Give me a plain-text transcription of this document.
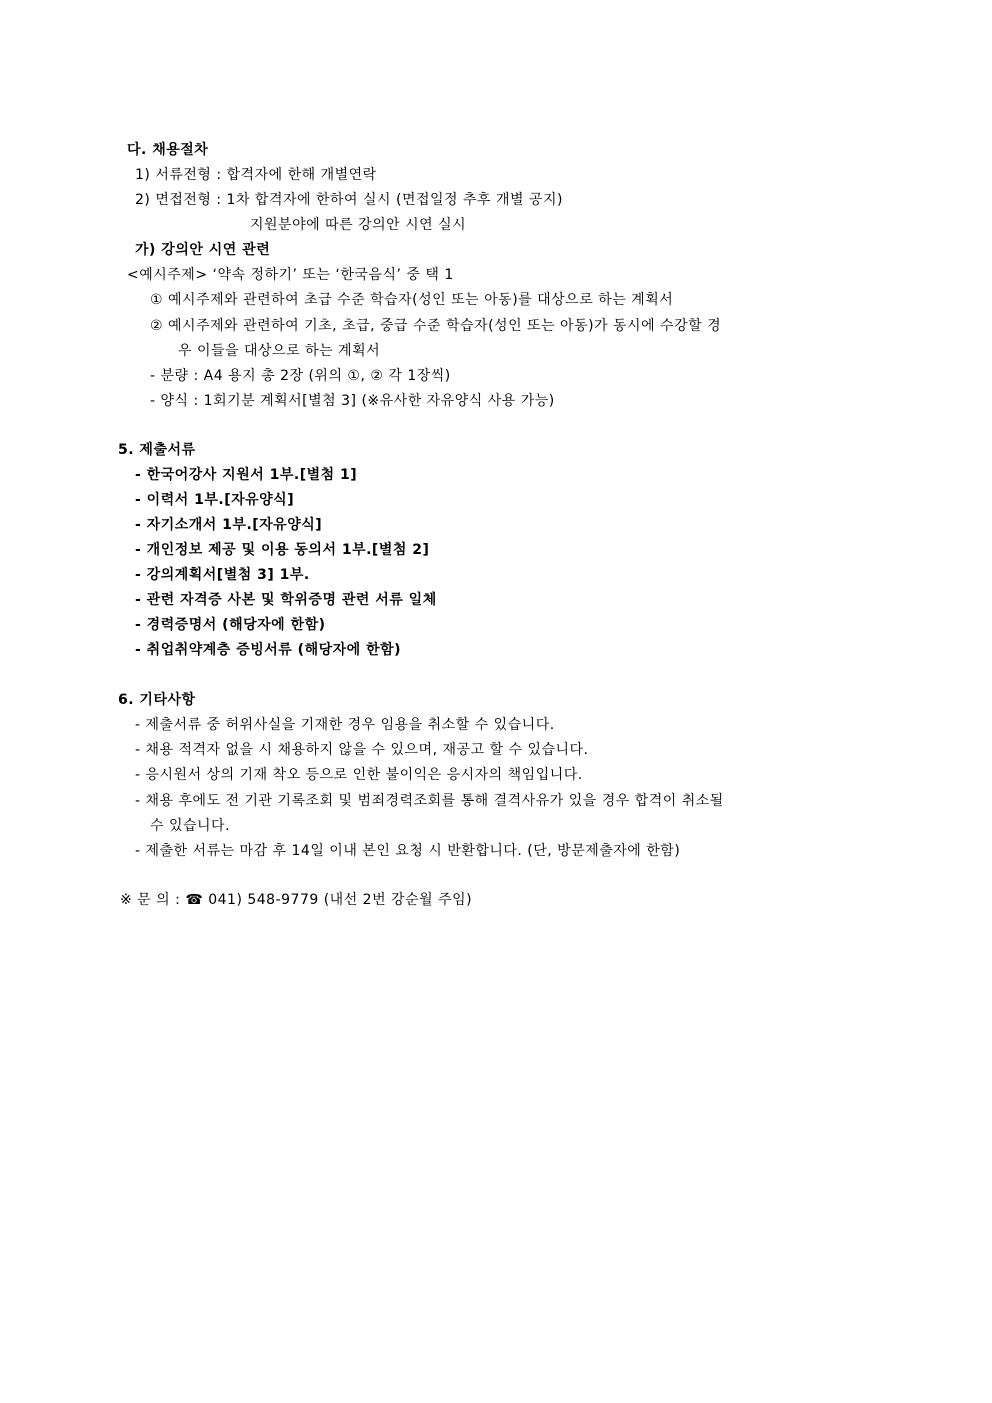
다. 채용절차
1) 서류전형 : 합격자에 한해 개별연락
2) 면접전형 : 1차 합격자에 한하여 실시 (면접일정 추후 개별 공지)
지원분야에 따른 강의안 시연 실시
가) 강의안 시연 관련
<예시주제> ‘약속 정하기’ 또는 ‘한국음식’ 중 택 1
① 예시주제와 관련하여 초급 수준 학습자(성인 또는 아동)를 대상으로 하는 계획서
② 예시주제와 관련하여 기초, 초급, 중급 수준 학습자(성인 또는 아동)가 동시에 수강할 경
우 이들을 대상으로 하는 계획서
- 분량 : A4 용지 총 2장 (위의 ①, ② 각 1장씩)
- 양식 : 1회기분 계획서[별첨 3] (※유사한 자유양식 사용 가능)
5. 제출서류
- 한국어강사 지원서 1부.[별첨 1]
- 이력서 1부.[자유양식]
- 자기소개서 1부.[자유양식]
- 개인정보 제공 및 이용 동의서 1부.[별첨 2]
- 강의계획서[별첨 3] 1부.
- 관련 자격증 사본 및 학위증명 관련 서류 일체
- 경력증명서 (해당자에 한함)
- 취업취약계층 증빙서류 (해당자에 한함)
6. 기타사항
- 제출서류 중 허위사실을 기재한 경우 임용을 취소할 수 있습니다.
- 채용 적격자 없을 시 채용하지 않을 수 있으며, 재공고 할 수 있습니다.
- 응시원서 상의 기재 착오 등으로 인한 불이익은 응시자의 책임입니다.
- 채용 후에도 전 기관 기록조회 및 범죄경력조회를 통해 결격사유가 있을 경우 합격이 취소될
수 있습니다.
- 제출한 서류는 마감 후 14일 이내 본인 요청 시 반환합니다. (단, 방문제출자에 한함)
※ 문 의 : ☎ 041) 548-9779 (내선 2번 강순월 주임)
